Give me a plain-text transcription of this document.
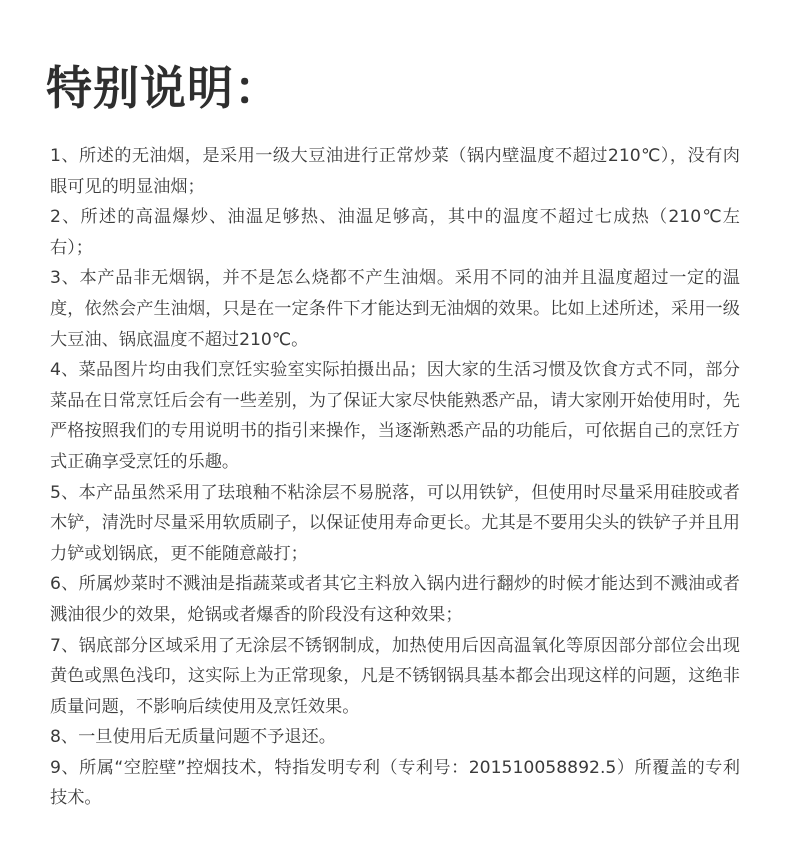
特别说明：
1、所述的无油烟，是采用一级大豆油进行正常炒菜（锅内壁温度不超过210℃），没有肉眼可见的明显油烟；
2、所述的高温爆炒、油温足够热、油温足够高，其中的温度不超过七成热（210℃左右）；
3、本产品非无烟锅，并不是怎么烧都不产生油烟。采用不同的油并且温度超过一定的温度，依然会产生油烟，只是在一定条件下才能达到无油烟的效果。比如上述所述，采用一级大豆油、锅底温度不超过210℃。
4、菜品图片均由我们烹饪实验室实际拍摄出品；因大家的生活习惯及饮食方式不同，部分菜品在日常烹饪后会有一些差别，为了保证大家尽快能熟悉产品，请大家刚开始使用时，先严格按照我们的专用说明书的指引来操作，当逐渐熟悉产品的功能后，可依据自己的烹饪方式正确享受烹饪的乐趣。
5、本产品虽然采用了珐琅釉不粘涂层不易脱落，可以用铁铲，但使用时尽量采用硅胶或者木铲，清洗时尽量采用软质刷子，以保证使用寿命更长。尤其是不要用尖头的铁铲子并且用力铲或划锅底，更不能随意敲打；
6、所属炒菜时不溅油是指蔬菜或者其它主料放入锅内进行翻炒的时候才能达到不溅油或者溅油很少的效果，炝锅或者爆香的阶段没有这种效果；
7、锅底部分区域采用了无涂层不锈钢制成，加热使用后因高温氧化等原因部分部位会出现黄色或黑色浅印，这实际上为正常现象，凡是不锈钢锅具基本都会出现这样的问题，这绝非质量问题，不影响后续使用及烹饪效果。
8、一旦使用后无质量问题不予退还。
9、所属“空腔壁”控烟技术，特指发明专利（专利号：201510058892.5）所覆盖的专利技术。
